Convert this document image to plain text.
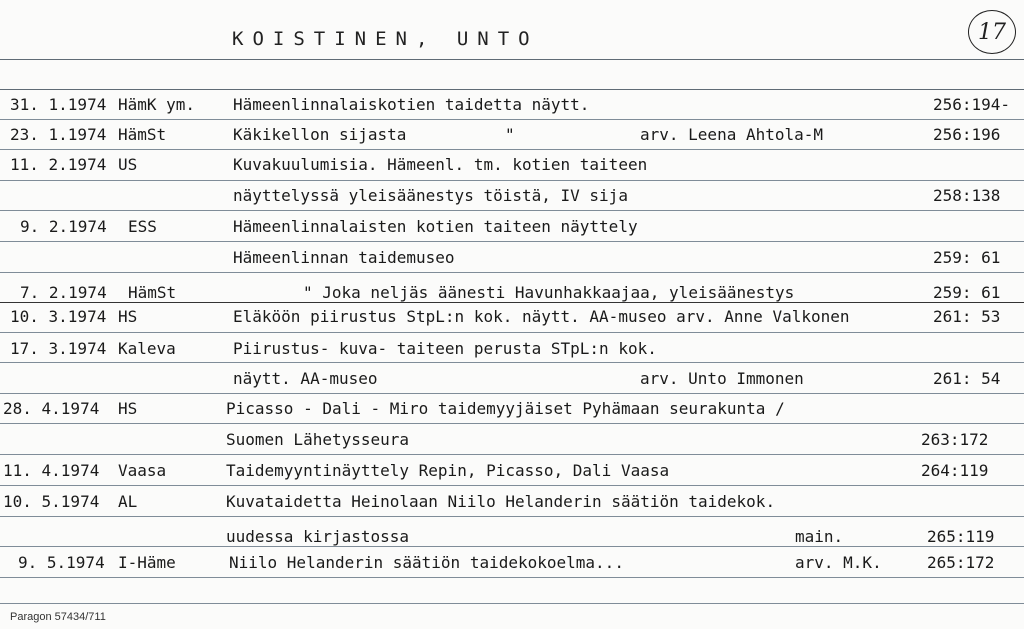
KOISTINEN, UNTO	17
31. 1.1974 HämK ym. Hämeenlinnalaiskotien taidetta näytt.	256:194-
23. 1.1974 HämSt	Käkikellon sijasta	"	arv. Leena Ahtola-M	256:196
11. 2.1974 US	Kuvakuulumisia. Hämeenl. tm. kotien taiteen
näyttelyssä yleisäänestys töistä, IV sija	258:138
9. 2.1974 ESS	Hämeenlinnalaisten kotien taiteen näyttely
Hämeenlinnan taidemuseo	259: 61
7. 2.1974 HämSt	" Joka neljäs äänesti Havunhakkaajaa, yleisäänestys	259: 61
10. 3.1974 HS	Eläköön piirustus StpL:n kok. näytt. AA-museo arv. Anne Valkonen	261: 53
17. 3.1974 Kaleva	Piirustus- kuva- taiteen perusta STpL:n kok.
näytt. AA-museo	arv. Unto Immonen	261: 54
28. 4.1974 HS	Picasso - Dali - Miro taidemyyjäiset Pyhämaan seurakunta /
Suomen Lähetysseura	263:172
11. 4.1974 Vaasa	Taidemyyntinäyttely Repin, Picasso, Dali Vaasa	264:119
10. 5.1974 AL	Kuvataidetta Heinolaan Niilo Helanderin säätiön taidekok.
uudessa kirjastossa	main.	265:119
9. 5.1974 I-Häme	Niilo Helanderin säätiön taidekokoelma...	arv. M.K.	265:172
Paragon 57434/711
